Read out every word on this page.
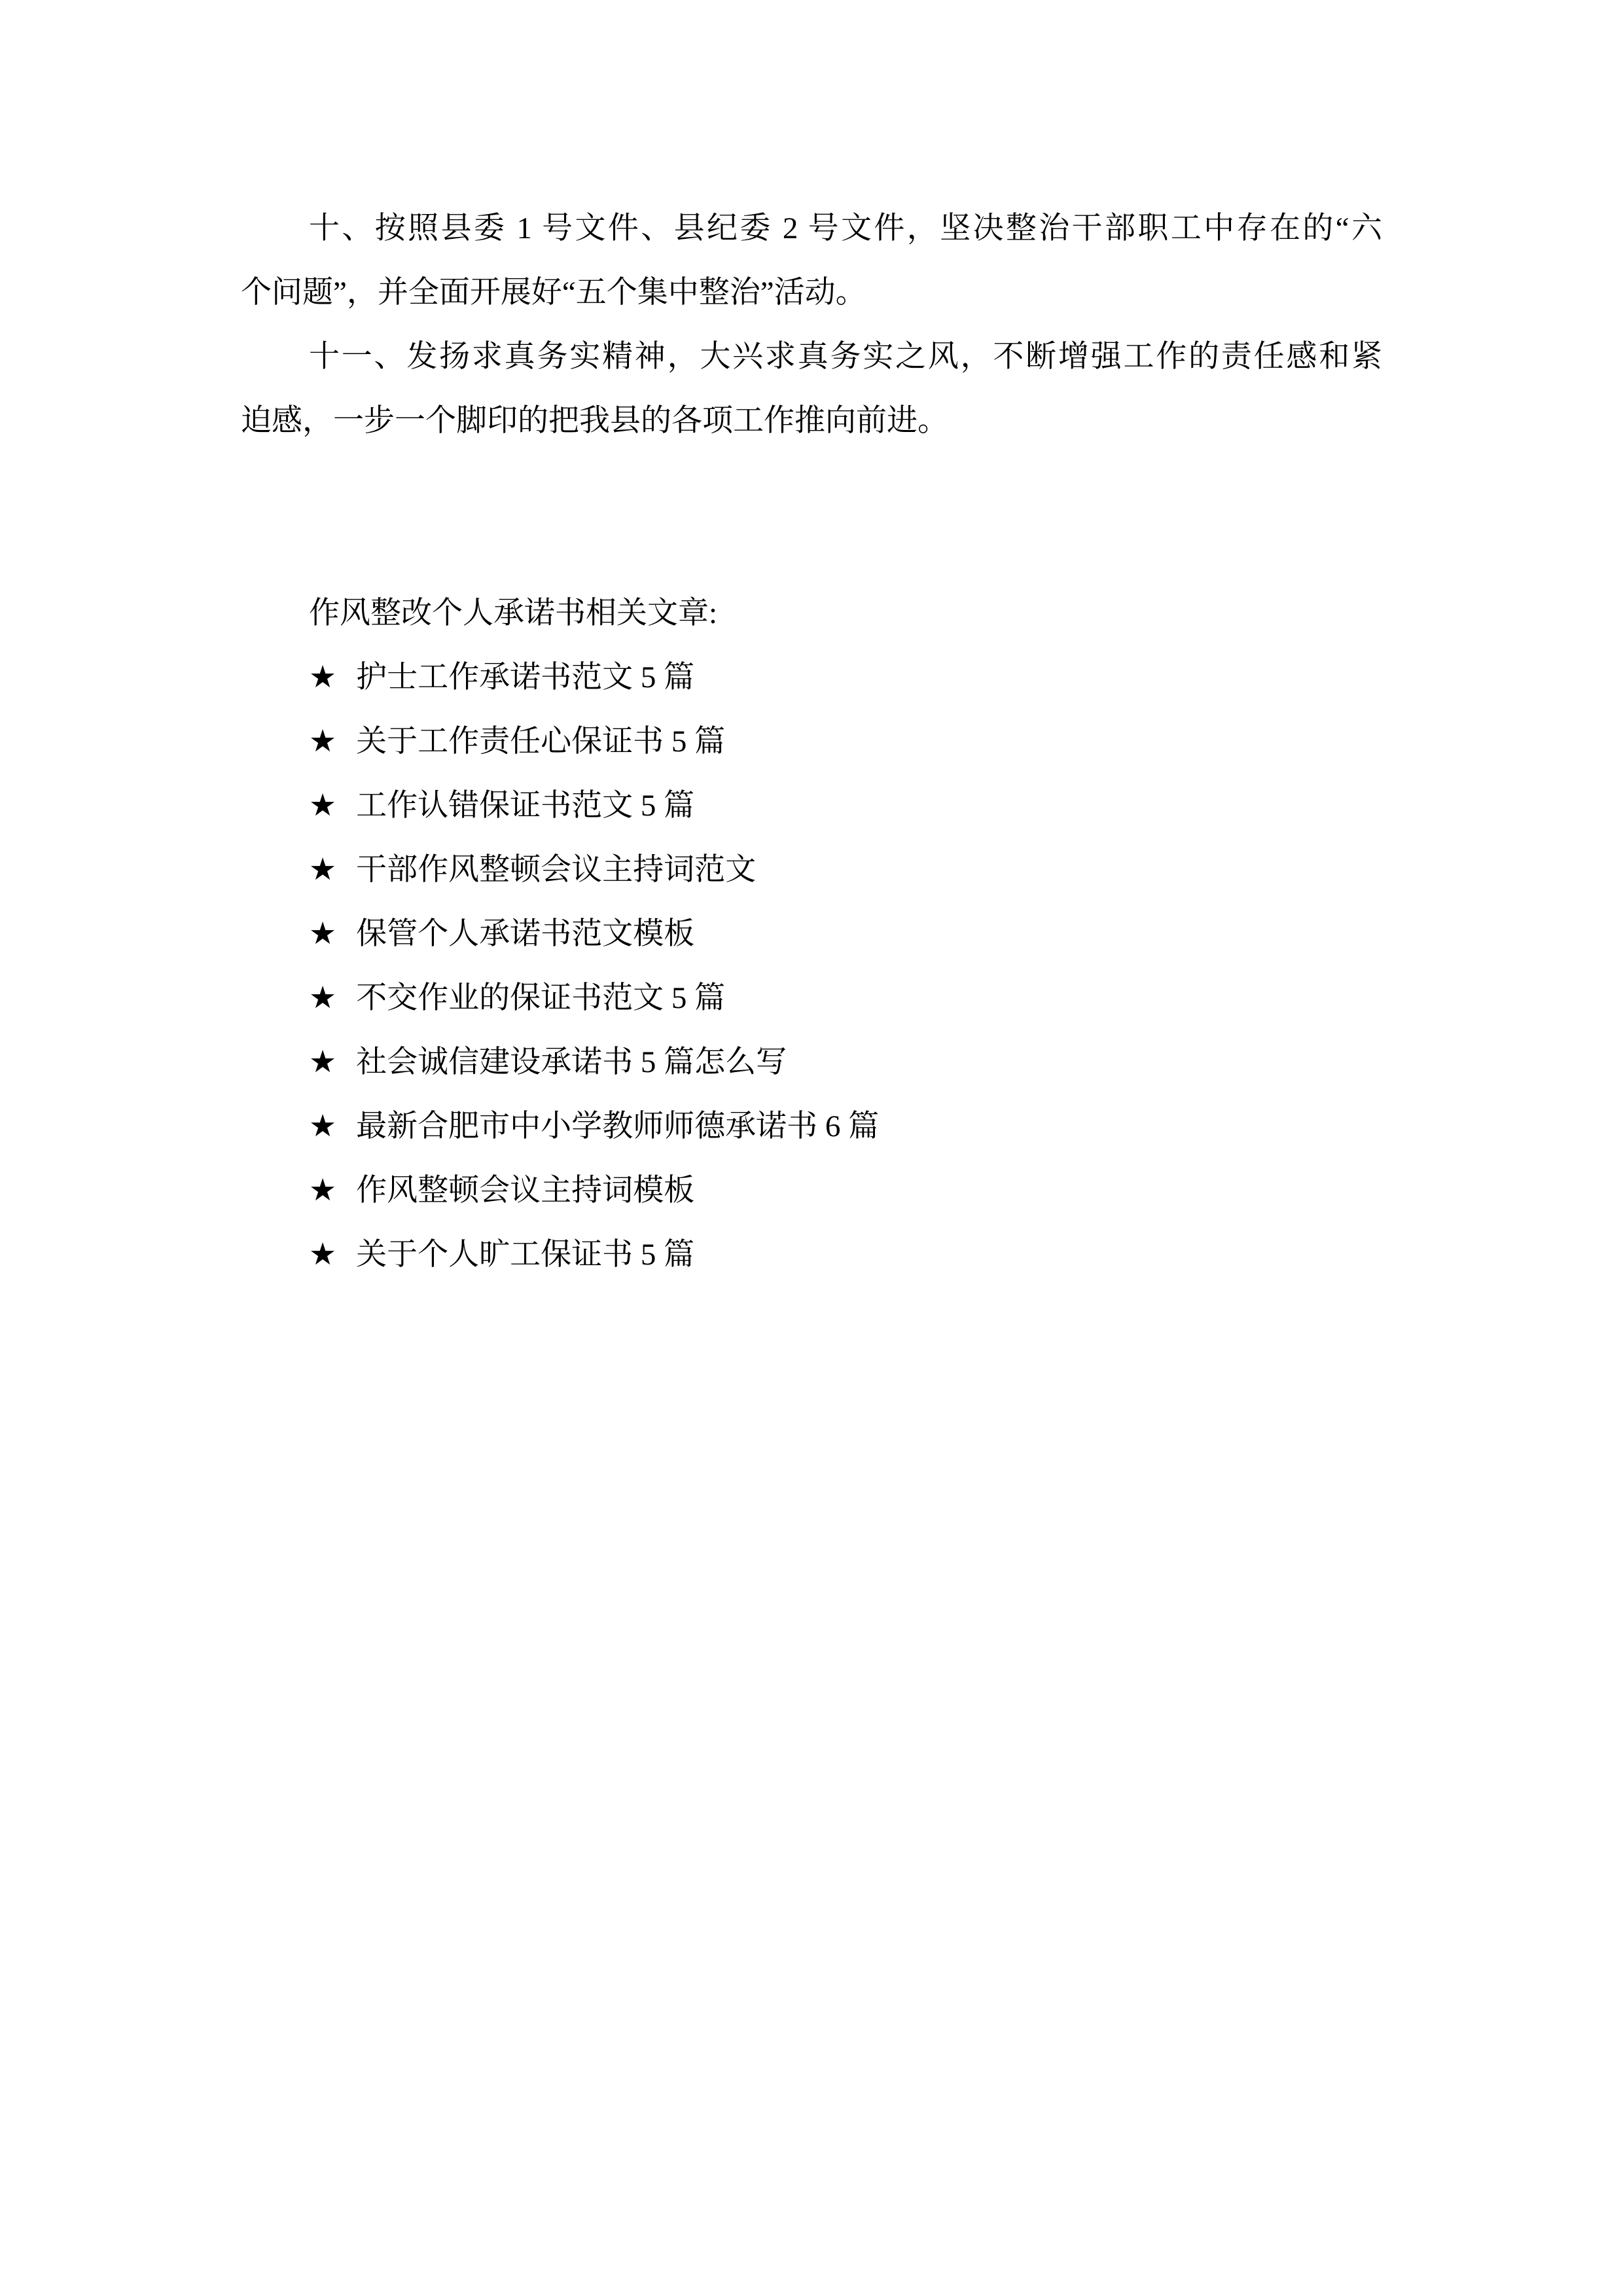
十、按照县委 1 号文件、县纪委 2 号文件，坚决整治干部职工中存在的“六
个问题”，并全面开展好“五个集中整治”活动。

十一、发扬求真务实精神，大兴求真务实之风，不断增强工作的责任感和紧
迫感，一步一个脚印的把我县的各项工作推向前进。

作风整改个人承诺书相关文章:
★ 护士工作承诺书范文 5 篇
★ 关于工作责任心保证书 5 篇
★ 工作认错保证书范文 5 篇
★ 干部作风整顿会议主持词范文
★ 保管个人承诺书范文模板
★ 不交作业的保证书范文 5 篇
★ 社会诚信建设承诺书 5 篇怎么写
★ 最新合肥市中小学教师师德承诺书 6 篇
★ 作风整顿会议主持词模板
★ 关于个人旷工保证书 5 篇
